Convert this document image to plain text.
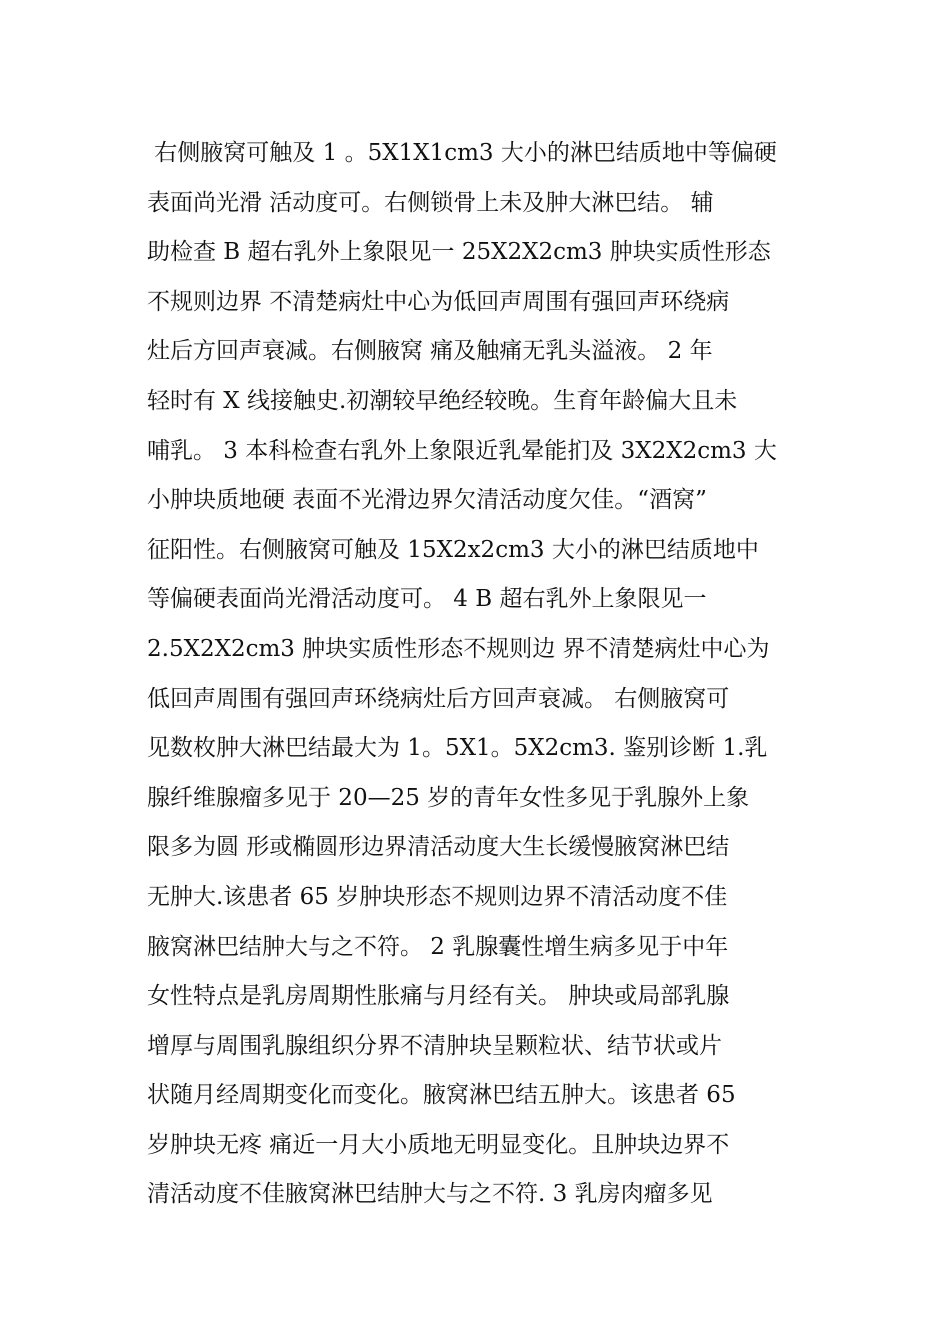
右侧腋窝可触及 1 。5X1X1cm3 大小的淋巴结质地中等偏硬
表面尚光滑 活动度可。右侧锁骨上未及肿大淋巴结。 辅
助检查 B 超右乳外上象限见一 25X2X2cm3 肿块实质性形态
不规则边界 不清楚病灶中心为低回声周围有强回声环绕病
灶后方回声衰减。右侧腋窝 痛及触痛无乳头溢液。 2 年
轻时有 X 线接触史.初潮较早绝经较晚。生育年龄偏大且未
哺乳。 3 本科检查右乳外上象限近乳晕能扪及 3X2X2cm3 大
小肿块质地硬 表面不光滑边界欠清活动度欠佳。“酒窝”
征阳性。右侧腋窝可触及 15X2x2cm3 大小的淋巴结质地中
等偏硬表面尚光滑活动度可。 4 B 超右乳外上象限见一
2.5X2X2cm3 肿块实质性形态不规则边 界不清楚病灶中心为
低回声周围有强回声环绕病灶后方回声衰减。 右侧腋窝可
见数枚肿大淋巴结最大为 1。5X1。5X2cm3. 鉴别诊断 1.乳
腺纤维腺瘤多见于 20—25 岁的青年女性多见于乳腺外上象
限多为圆 形或椭圆形边界清活动度大生长缓慢腋窝淋巴结
无肿大.该患者 65 岁肿块形态不规则边界不清活动度不佳
腋窝淋巴结肿大与之不符。 2 乳腺囊性增生病多见于中年
女性特点是乳房周期性胀痛与月经有关。 肿块或局部乳腺
增厚与周围乳腺组织分界不清肿块呈颗粒状、结节状或片
状随月经周期变化而变化。腋窝淋巴结五肿大。该患者 65
岁肿块无疼 痛近一月大小质地无明显变化。且肿块边界不
清活动度不佳腋窝淋巴结肿大与之不符. 3 乳房肉瘤多见
